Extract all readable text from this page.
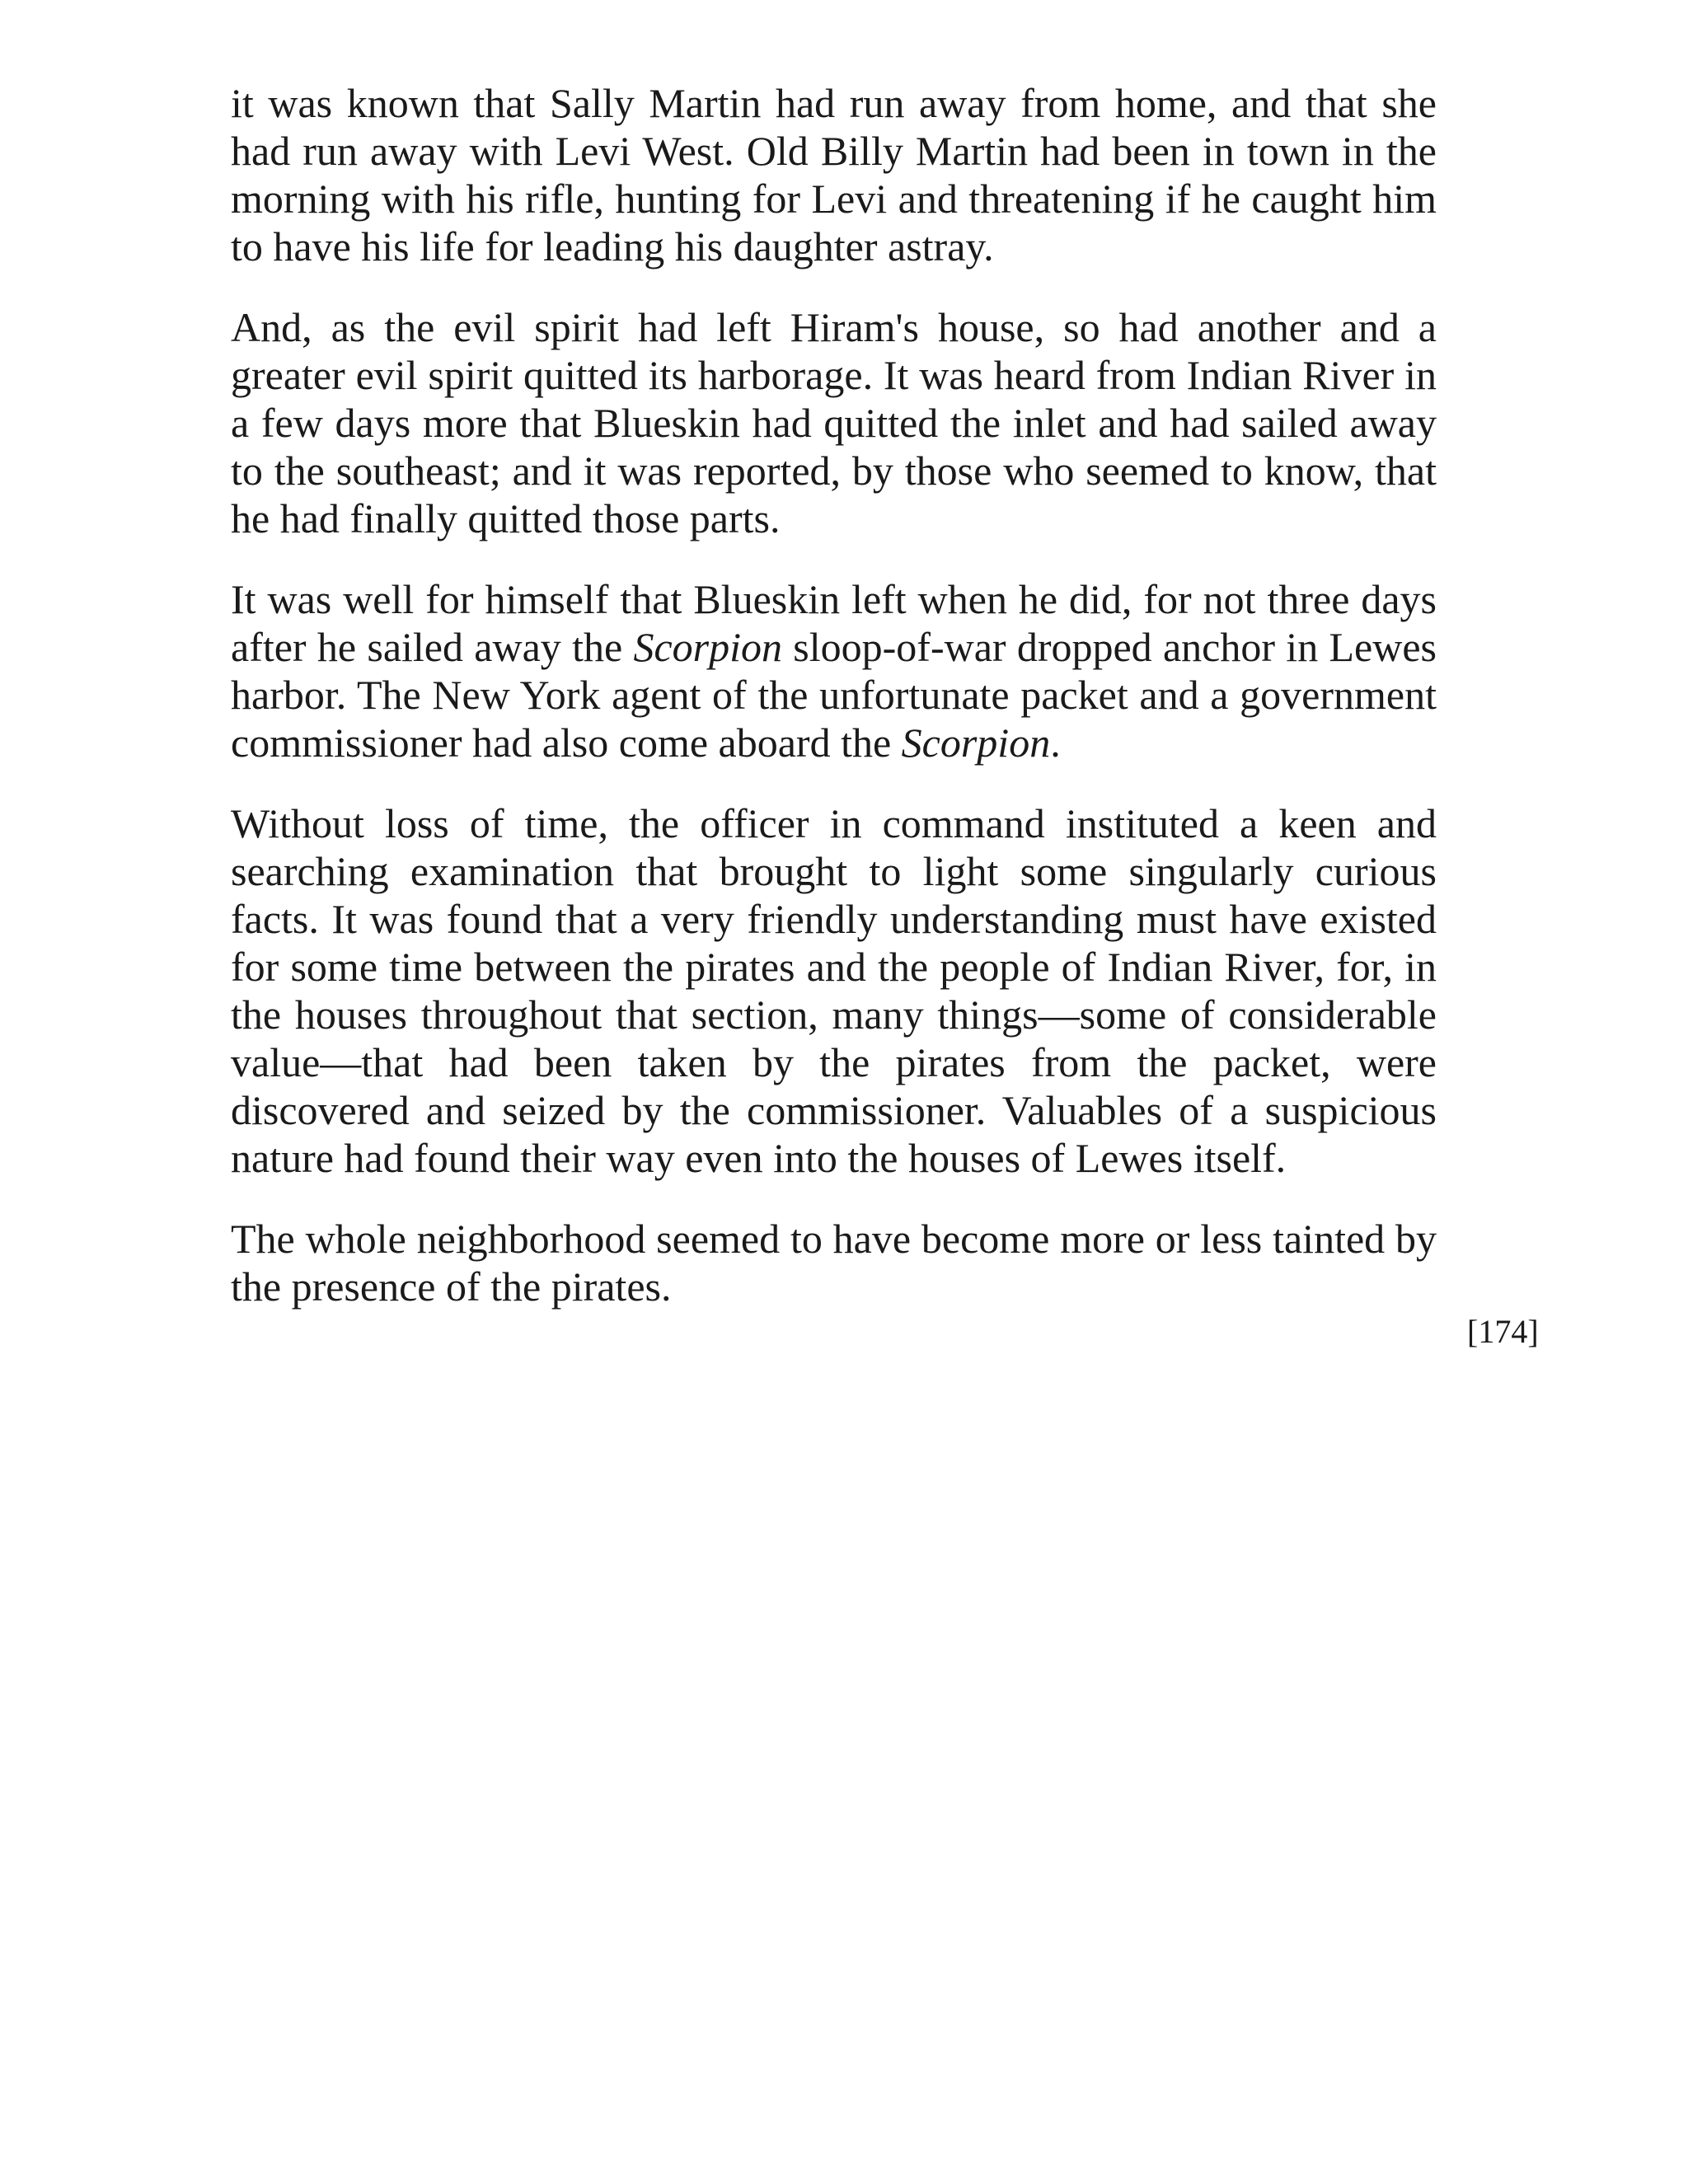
it was known that Sally Martin had run away from home, and that she had run away with Levi West. Old Billy Martin had been in town in the morning with his rifle, hunting for Levi and threatening if he caught him to have his life for leading his daughter astray.

And, as the evil spirit had left Hiram's house, so had another and a greater evil spirit quitted its harborage. It was heard from Indian River in a few days more that Blueskin had quitted the inlet and had sailed away to the southeast; and it was reported, by those who seemed to know, that he had finally quitted those parts.

It was well for himself that Blueskin left when he did, for not three days after he sailed away the Scorpion sloop-of-war dropped anchor in Lewes harbor. The New York agent of the unfortunate packet and a government commissioner had also come aboard the Scorpion.

Without loss of time, the officer in command instituted a keen and searching examination that brought to light some singularly curious facts. It was found that a very friendly understanding must have existed for some time between the pirates and the people of Indian River, for, in the houses throughout that section, many things—some of considerable value—that had been taken by the pirates from the packet, were discovered and seized by the commissioner. Valuables of a suspicious nature had found their way even into the houses of Lewes itself.

The whole neighborhood seemed to have become more or less tainted by the presence of the pirates.

[174]
